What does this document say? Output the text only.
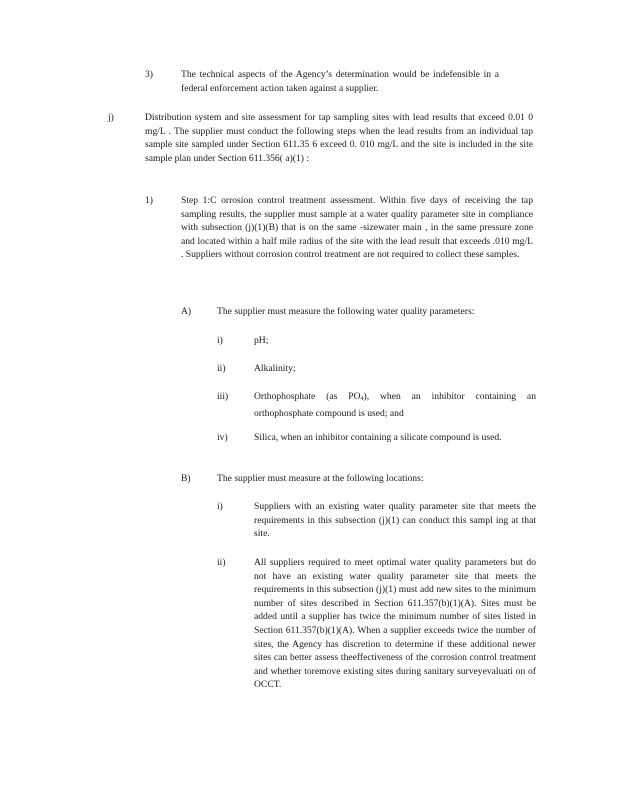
3)	The technical aspects of the Agency’s determination would be indefensible in a federal enforcement action taken against a supplier.
j)	Distribution system and site assessment for tap sampling sites with lead results that exceed 0.01 0 mg/L . The supplier must conduct the following steps when the lead results from an individual tap sample site sampled under Section 611.35 6 exceed 0. 010 mg/L and the site is included in the site sample plan under Section 611.356( a)(1) :
1)	Step 1:C orrosion control treatment assessment. Within five days of receiving the tap sampling results, the supplier must sample at a water quality parameter site in compliance with subsection (j)(1)(B) that is on the same -sizewater main , in the same pressure zone and located within a half mile radius of the site with the lead result that exceeds .010 mg/L . Suppliers without corrosion control treatment are not required to collect these samples.
A)	The supplier must measure the following water quality parameters:
i)	pH;
ii)	Alkalinity;
iii)	Orthophosphate (as $PO_4$), when an inhibitor containing an orthophosphate compound is used; and
iv)	Silica, when an inhibitor containing a silicate compound is used.
B)	The supplier must measure at the following locations:
i)	Suppliers with an existing water quality parameter site that meets the requirements in this subsection (j)(1) can conduct this sampl ing at that site.
ii)	All suppliers required to meet optimal water quality parameters but do not have an existing water quality parameter site that meets the requirements in this subsection (j)(1) must add new sites to the minimum number of sites described in Section 611.357(b)(1)(A). Sites must be added until a supplier has twice the minimum number of sites listed in Section 611.357(b)(1)(A). When a supplier exceeds twice the number of sites, the Agency has discretion to determine if these additional newer sites can better assess theeffectiveness of the corrosion control treatment and whether toremove existing sites during sanitary surveyevaluati on of OCCT.
